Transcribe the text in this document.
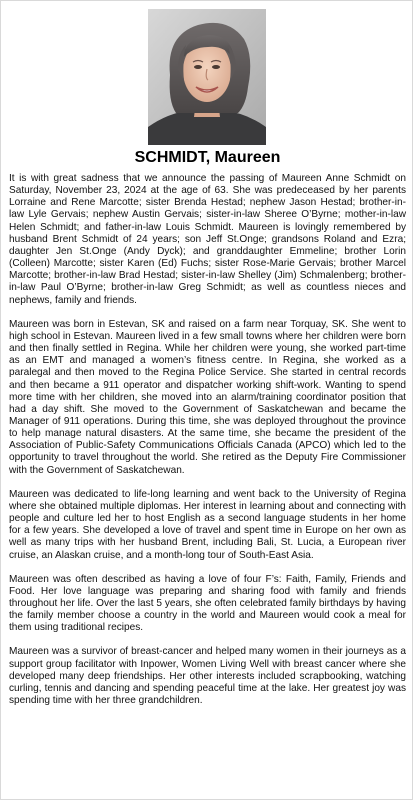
SCHMIDT, Maureen

It is with great sadness that we announce the passing of Maureen Anne Schmidt on Saturday, November 23, 2024 at the age of 63. She was predeceased by her parents Lorraine and Rene Marcotte; sister Brenda Hestad; nephew Jason Hestad; brother-in-law Lyle Gervais; nephew Austin Gervais; sister-in-law Sheree O’Byrne; mother-in-law Helen Schmidt; and father-in-law Louis Schmidt. Maureen is lovingly remembered by husband Brent Schmidt of 24 years; son Jeff St.Onge; grandsons Roland and Ezra; daughter Jen St.Onge (Andy Dyck); and granddaughter Emmeline; brother Lorin (Colleen) Marcotte; sister Karen (Ed) Fuchs; sister Rose-Marie Gervais; brother Marcel Marcotte; brother-in-law Brad Hestad; sister-in-law Shelley (Jim) Schmalenberg; brother-in-law Paul O’Byrne; brother-in-law Greg Schmidt; as well as countless nieces and nephews, family and friends.

Maureen was born in Estevan, SK and raised on a farm near Torquay, SK. She went to high school in Estevan. Maureen lived in a few small towns where her children were born and then finally settled in Regina. While her children were young, she worked part-time as an EMT and managed a women’s fitness centre. In Regina, she worked as a paralegal and then moved to the Regina Police Service. She started in central records and then became a 911 operator and dispatcher working shift-work. Wanting to spend more time with her children, she moved into an alarm/training coordinator position that had a day shift. She moved to the Government of Saskatchewan and became the Manager of 911 operations. During this time, she was deployed throughout the province to help manage natural disasters. At the same time, she became the president of the Association of Public-Safety Communications Officials Canada (APCO) which led to the opportunity to travel throughout the world. She retired as the Deputy Fire Commissioner with the Government of Saskatchewan.

Maureen was dedicated to life-long learning and went back to the University of Regina where she obtained multiple diplomas. Her interest in learning about and connecting with people and culture led her to host English as a second language students in her home for a few years. She developed a love of travel and spent time in Europe on her own as well as many trips with her husband Brent, including Bali, St. Lucia, a European river cruise, an Alaskan cruise, and a month-long tour of South-East Asia.

Maureen was often described as having a love of four F’s: Faith, Family, Friends and Food. Her love language was preparing and sharing food with family and friends throughout her life. Over the last 5 years, she often celebrated family birthdays by having the family member choose a country in the world and Maureen would cook a meal for them using traditional recipes.

Maureen was a survivor of breast-cancer and helped many women in their journeys as a support group facilitator with Inpower, Women Living Well with breast cancer where she developed many deep friendships. Her other interests included scrapbooking, watching curling, tennis and dancing and spending peaceful time at the lake. Her greatest joy was spending time with her three grandchildren.
